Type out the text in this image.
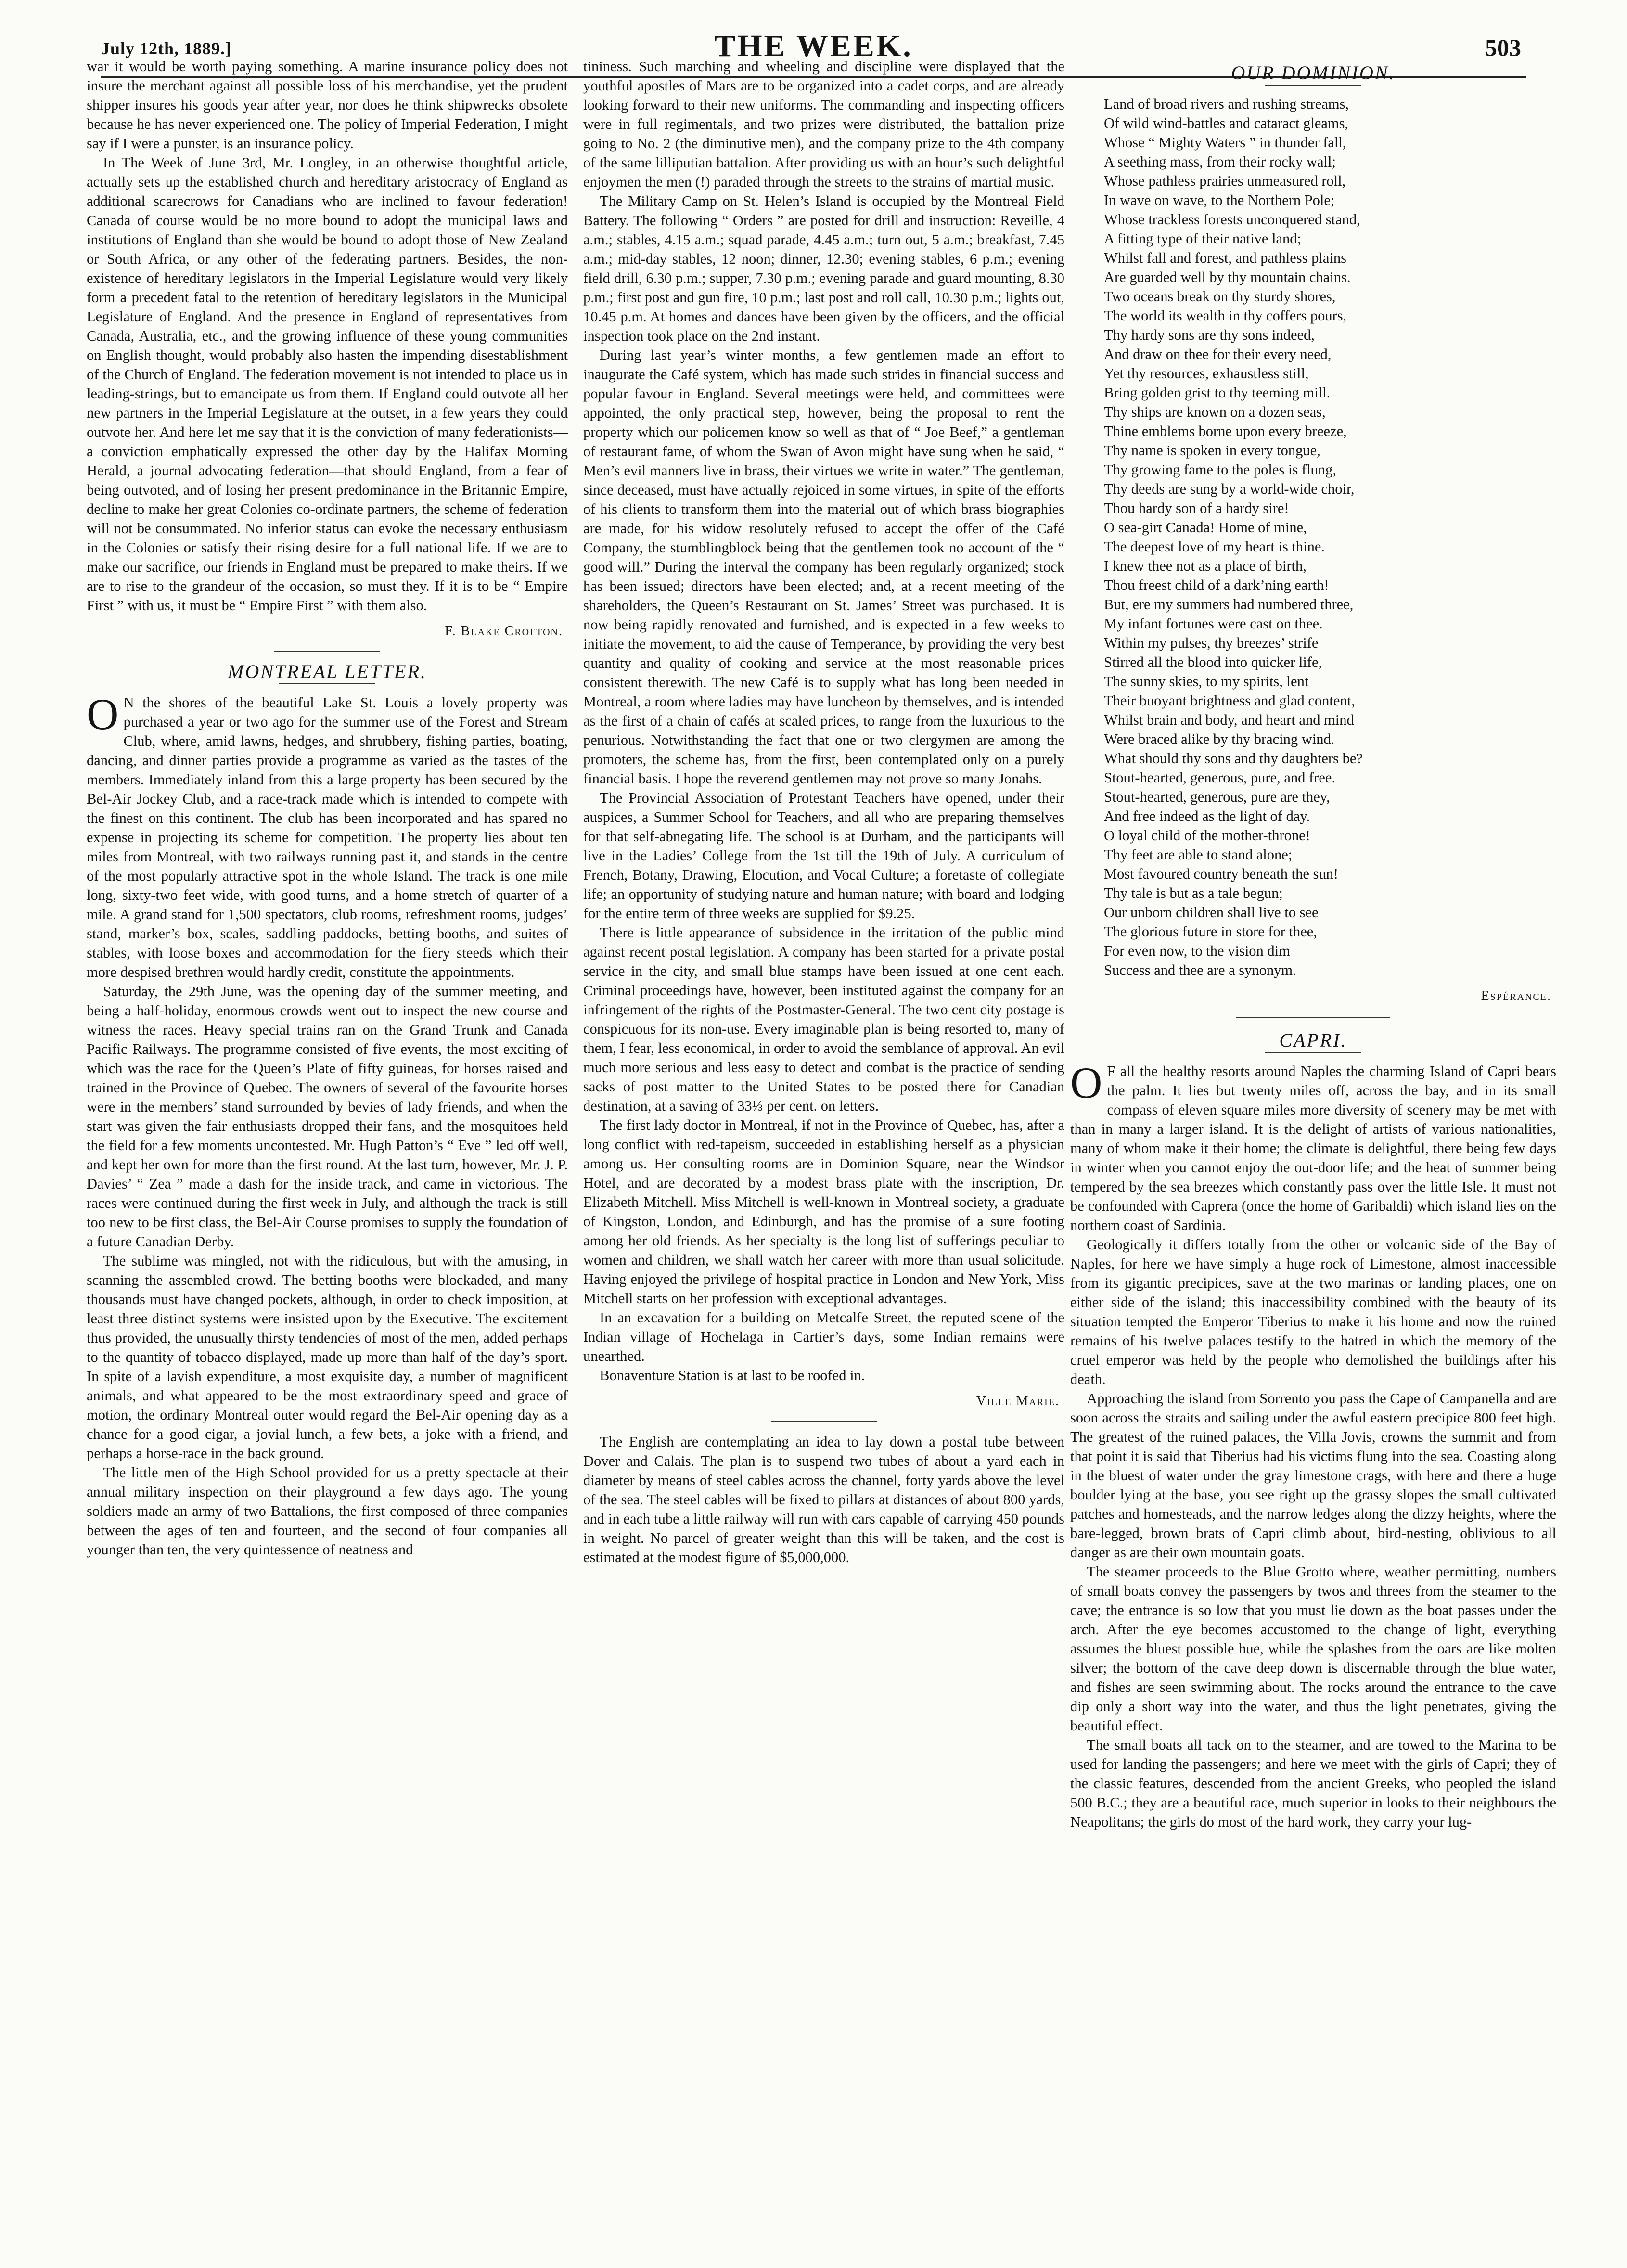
July 12th, 1889.]	THE WEEK.	503

war it would be worth paying something. A marine insurance policy does not insure the merchant against all possible loss of his merchandise, yet the prudent shipper insures his goods year after year, nor does he think shipwrecks obsolete because he has never experienced one. The policy of Imperial Federation, I might say if I were a punster, is an insurance policy.

In The Week of June 3rd, Mr. Longley, in an otherwise thoughtful article, actually sets up the established church and hereditary aristocracy of England as additional scarecrows for Canadians who are inclined to favour federation! Canada of course would be no more bound to adopt the municipal laws and institutions of England than she would be bound to adopt those of New Zealand or South Africa, or any other of the federating partners. Besides, the non-existence of hereditary legislators in the Imperial Legislature would very likely form a precedent fatal to the retention of hereditary legislators in the Municipal Legislature of England. And the presence in England of representatives from Canada, Australia, etc., and the growing influence of these young communities on English thought, would probably also hasten the impending disestablishment of the Church of England. The federation movement is not intended to place us in leading-strings, but to emancipate us from them. If England could outvote all her new partners in the Imperial Legislature at the outset, in a few years they could outvote her. And here let me say that it is the conviction of many federationists—a conviction emphatically expressed the other day by the Halifax Morning Herald, a journal advocating federation—that should England, from a fear of being outvoted, and of losing her present predominance in the Britannic Empire, decline to make her great Colonies co-ordinate partners, the scheme of federation will not be consummated. No inferior status can evoke the necessary enthusiasm in the Colonies or satisfy their rising desire for a full national life. If we are to make our sacrifice, our friends in England must be prepared to make theirs. If we are to rise to the grandeur of the occasion, so must they. If it is to be “ Empire First ” with us, it must be “ Empire First ” with them also.

F. Blake Crofton.

MONTREAL LETTER.

O N the shores of the beautiful Lake St. Louis a lovely property was purchased a year or two ago for the summer use of the Forest and Stream Club, where, amid lawns, hedges, and shrubbery, fishing parties, boating, dancing, and dinner parties provide a programme as varied as the tastes of the members. Immediately inland from this a large property has been secured by the Bel-Air Jockey Club, and a race-track made which is intended to compete with the finest on this continent. The club has been incorporated and has spared no expense in projecting its scheme for competition. The property lies about ten miles from Montreal, with two railways running past it, and stands in the centre of the most popularly attractive spot in the whole Island. The track is one mile long, sixty-two feet wide, with good turns, and a home stretch of quarter of a mile. A grand stand for 1,500 spectators, club rooms, refreshment rooms, judges’ stand, marker’s box, scales, saddling paddocks, betting booths, and suites of stables, with loose boxes and accommodation for the fiery steeds which their more despised brethren would hardly credit, constitute the appointments.

Saturday, the 29th June, was the opening day of the summer meeting, and being a half-holiday, enormous crowds went out to inspect the new course and witness the races. Heavy special trains ran on the Grand Trunk and Canada Pacific Railways. The programme consisted of five events, the most exciting of which was the race for the Queen’s Plate of fifty guineas, for horses raised and trained in the Province of Quebec. The owners of several of the favourite horses were in the members’ stand surrounded by bevies of lady friends, and when the start was given the fair enthusiasts dropped their fans, and the mosquitoes held the field for a few moments uncontested. Mr. Hugh Patton’s “ Eve ” led off well, and kept her own for more than the first round. At the last turn, however, Mr. J. P. Davies’ “ Zea ” made a dash for the inside track, and came in victorious. The races were continued during the first week in July, and although the track is still too new to be first class, the Bel-Air Course promises to supply the foundation of a future Canadian Derby.

The sublime was mingled, not with the ridiculous, but with the amusing, in scanning the assembled crowd. The betting booths were blockaded, and many thousands must have changed pockets, although, in order to check imposition, at least three distinct systems were insisted upon by the Executive. The excitement thus provided, the unusually thirsty tendencies of most of the men, added perhaps to the quantity of tobacco displayed, made up more than half of the day’s sport. In spite of a lavish expenditure, a most exquisite day, a number of magnificent animals, and what appeared to be the most extraordinary speed and grace of motion, the ordinary Montreal outer would regard the Bel-Air opening day as a chance for a good cigar, a jovial lunch, a few bets, a joke with a friend, and perhaps a horse-race in the back ground.

The little men of the High School provided for us a pretty spectacle at their annual military inspection on their playground a few days ago. The young soldiers made an army of two Battalions, the first composed of three companies between the ages of ten and fourteen, and the second of four companies all younger than ten, the very quintessence of neatness and

tininess. Such marching and wheeling and discipline were displayed that the youthful apostles of Mars are to be organized into a cadet corps, and are already looking forward to their new uniforms. The commanding and inspecting officers were in full regimentals, and two prizes were distributed, the battalion prize going to No. 2 (the diminutive men), and the company prize to the 4th company of the same lilliputian battalion. After providing us with an hour’s such delightful enjoymen the men (!) paraded through the streets to the strains of martial music.

The Military Camp on St. Helen’s Island is occupied by the Montreal Field Battery. The following “ Orders ” are posted for drill and instruction: Reveille, 4 a.m.; stables, 4.15 a.m.; squad parade, 4.45 a.m.; turn out, 5 a.m.; breakfast, 7.45 a.m.; mid-day stables, 12 noon; dinner, 12.30; evening stables, 6 p.m.; evening field drill, 6.30 p.m.; supper, 7.30 p.m.; evening parade and guard mounting, 8.30 p.m.; first post and gun fire, 10 p.m.; last post and roll call, 10.30 p.m.; lights out, 10.45 p.m. At homes and dances have been given by the officers, and the official inspection took place on the 2nd instant.

During last year’s winter months, a few gentlemen made an effort to inaugurate the Café system, which has made such strides in financial success and popular favour in England. Several meetings were held, and committees were appointed, the only practical step, however, being the proposal to rent the property which our policemen know so well as that of “ Joe Beef,” a gentleman of restaurant fame, of whom the Swan of Avon might have sung when he said, “ Men’s evil manners live in brass, their virtues we write in water.” The gentleman, since deceased, must have actually rejoiced in some virtues, in spite of the efforts of his clients to transform them into the material out of which brass biographies are made, for his widow resolutely refused to accept the offer of the Café Company, the stumblingblock being that the gentlemen took no account of the “ good will.” During the interval the company has been regularly organized; stock has been issued; directors have been elected; and, at a recent meeting of the shareholders, the Queen’s Restaurant on St. James’ Street was purchased. It is now being rapidly renovated and furnished, and is expected in a few weeks to initiate the movement, to aid the cause of Temperance, by providing the very best quantity and quality of cooking and service at the most reasonable prices consistent therewith. The new Café is to supply what has long been needed in Montreal, a room where ladies may have luncheon by themselves, and is intended as the first of a chain of cafés at scaled prices, to range from the luxurious to the penurious. Notwithstanding the fact that one or two clergymen are among the promoters, the scheme has, from the first, been contemplated only on a purely financial basis. I hope the reverend gentlemen may not prove so many Jonahs.

The Provincial Association of Protestant Teachers have opened, under their auspices, a Summer School for Teachers, and all who are preparing themselves for that self-abnegating life. The school is at Durham, and the participants will live in the Ladies’ College from the 1st till the 19th of July. A curriculum of French, Botany, Drawing, Elocution, and Vocal Culture; a foretaste of collegiate life; an opportunity of studying nature and human nature; with board and lodging for the entire term of three weeks are supplied for $9.25.

There is little appearance of subsidence in the irritation of the public mind against recent postal legislation. A company has been started for a private postal service in the city, and small blue stamps have been issued at one cent each. Criminal proceedings have, however, been instituted against the company for an infringement of the rights of the Postmaster-General. The two cent city postage is conspicuous for its non-use. Every imaginable plan is being resorted to, many of them, I fear, less economical, in order to avoid the semblance of approval. An evil much more serious and less easy to detect and combat is the practice of sending sacks of post matter to the United States to be posted there for Canadian destination, at a saving of 33⅓ per cent. on letters.

The first lady doctor in Montreal, if not in the Province of Quebec, has, after a long conflict with red-tapeism, succeeded in establishing herself as a physician among us. Her consulting rooms are in Dominion Square, near the Windsor Hotel, and are decorated by a modest brass plate with the inscription, Dr. Elizabeth Mitchell. Miss Mitchell is well-known in Montreal society, a graduate of Kingston, London, and Edinburgh, and has the promise of a sure footing among her old friends. As her specialty is the long list of sufferings peculiar to women and children, we shall watch her career with more than usual solicitude. Having enjoyed the privilege of hospital practice in London and New York, Miss Mitchell starts on her profession with exceptional advantages.

In an excavation for a building on Metcalfe Street, the reputed scene of the Indian village of Hochelaga in Cartier’s days, some Indian remains were unearthed.

Bonaventure Station is at last to be roofed in.

Ville Marie.

The English are contemplating an idea to lay down a postal tube between Dover and Calais. The plan is to suspend two tubes of about a yard each in diameter by means of steel cables across the channel, forty yards above the level of the sea. The steel cables will be fixed to pillars at distances of about 800 yards, and in each tube a little railway will run with cars capable of carrying 450 pounds in weight. No parcel of greater weight than this will be taken, and the cost is estimated at the modest figure of $5,000,000.

OUR DOMINION.
Land of broad rivers and rushing streams,
Of wild wind-battles and cataract gleams,
Whose “ Mighty Waters ” in thunder fall,
A seething mass, from their rocky wall;
Whose pathless prairies unmeasured roll,
In wave on wave, to the Northern Pole;
Whose trackless forests unconquered stand,
A fitting type of their native land;
Whilst fall and forest, and pathless plains
Are guarded well by thy mountain chains.
Two oceans break on thy sturdy shores,
The world its wealth in thy coffers pours,
Thy hardy sons are thy sons indeed,
And draw on thee for their every need,
Yet thy resources, exhaustless still,
Bring golden grist to thy teeming mill.
Thy ships are known on a dozen seas,
Thine emblems borne upon every breeze,
Thy name is spoken in every tongue,
Thy growing fame to the poles is flung,
Thy deeds are sung by a world-wide choir,
Thou hardy son of a hardy sire!
O sea-girt Canada! Home of mine,
The deepest love of my heart is thine.
I knew thee not as a place of birth,
Thou freest child of a dark’ning earth!
But, ere my summers had numbered three,
My infant fortunes were cast on thee.
Within my pulses, thy breezes’ strife
Stirred all the blood into quicker life,
The sunny skies, to my spirits, lent
Their buoyant brightness and glad content,
Whilst brain and body, and heart and mind
Were braced alike by thy bracing wind.
What should thy sons and thy daughters be?
Stout-hearted, generous, pure, and free.
Stout-hearted, generous, pure are they,
And free indeed as the light of day.
O loyal child of the mother-throne!
Thy feet are able to stand alone;
Most favoured country beneath the sun!
Thy tale is but as a tale begun;
Our unborn children shall live to see
The glorious future in store for thee,
For even now, to the vision dim
Success and thee are a synonym.

Espérance.

CAPRI.

O F all the healthy resorts around Naples the charming Island of Capri bears the palm. It lies but twenty miles off, across the bay, and in its small compass of eleven square miles more diversity of scenery may be met with than in many a larger island. It is the delight of artists of various nationalities, many of whom make it their home; the climate is delightful, there being few days in winter when you cannot enjoy the out-door life; and the heat of summer being tempered by the sea breezes which constantly pass over the little Isle. It must not be confounded with Caprera (once the home of Garibaldi) which island lies on the northern coast of Sardinia.

Geologically it differs totally from the other or volcanic side of the Bay of Naples, for here we have simply a huge rock of Limestone, almost inaccessible from its gigantic precipices, save at the two marinas or landing places, one on either side of the island; this inaccessibility combined with the beauty of its situation tempted the Emperor Tiberius to make it his home and now the ruined remains of his twelve palaces testify to the hatred in which the memory of the cruel emperor was held by the people who demolished the buildings after his death.

Approaching the island from Sorrento you pass the Cape of Campanella and are soon across the straits and sailing under the awful eastern precipice 800 feet high. The greatest of the ruined palaces, the Villa Jovis, crowns the summit and from that point it is said that Tiberius had his victims flung into the sea. Coasting along in the bluest of water under the gray limestone crags, with here and there a huge boulder lying at the base, you see right up the grassy slopes the small cultivated patches and homesteads, and the narrow ledges along the dizzy heights, where the bare-legged, brown brats of Capri climb about, bird-nesting, oblivious to all danger as are their own mountain goats.

The steamer proceeds to the Blue Grotto where, weather permitting, numbers of small boats convey the passengers by twos and threes from the steamer to the cave; the entrance is so low that you must lie down as the boat passes under the arch. After the eye becomes accustomed to the change of light, everything assumes the bluest possible hue, while the splashes from the oars are like molten silver; the bottom of the cave deep down is discernable through the blue water, and fishes are seen swimming about. The rocks around the entrance to the cave dip only a short way into the water, and thus the light penetrates, giving the beautiful effect.

The small boats all tack on to the steamer, and are towed to the Marina to be used for landing the passengers; and here we meet with the girls of Capri; they of the classic features, descended from the ancient Greeks, who peopled the island 500 B.C.; they are a beautiful race, much superior in looks to their neighbours the Neapolitans; the girls do most of the hard work, they carry your lug-
